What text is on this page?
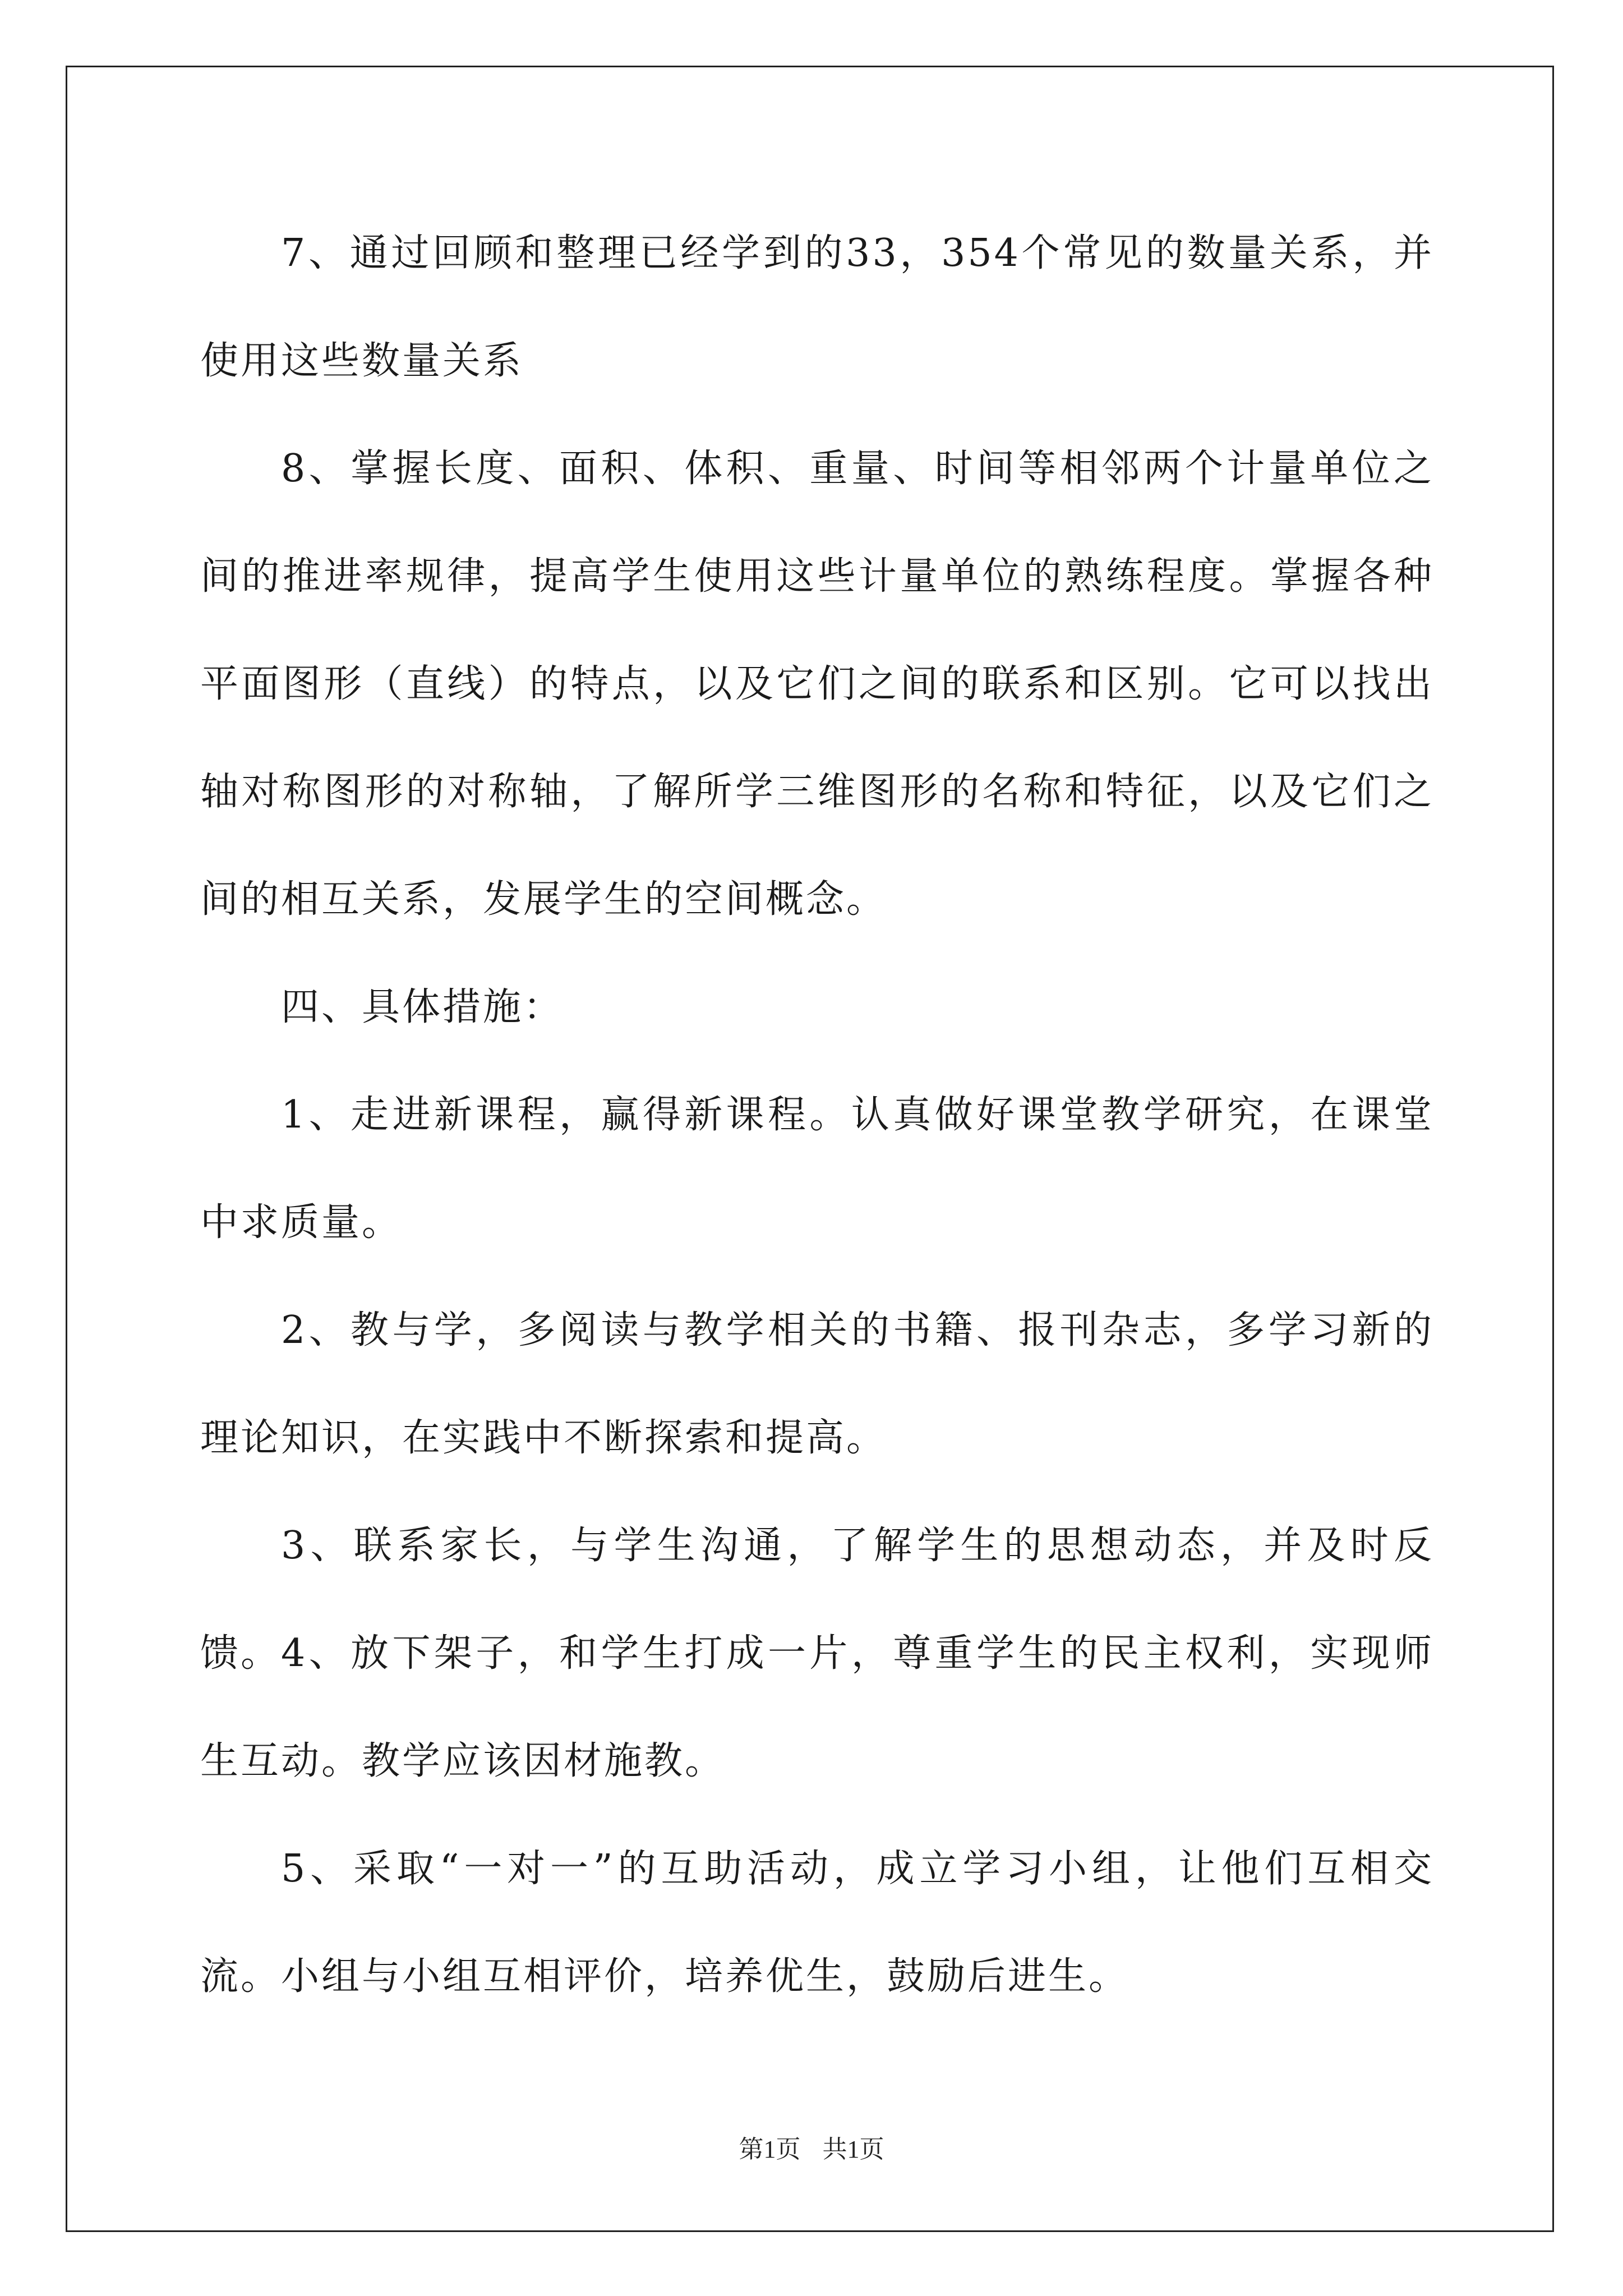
7、通过回顾和整理已经学到的33，354个常见的数量关系，并使用这些数量关系

8、掌握长度、面积、体积、重量、时间等相邻两个计量单位之间的推进率规律，提高学生使用这些计量单位的熟练程度。掌握各种平面图形（直线）的特点，以及它们之间的联系和区别。它可以找出轴对称图形的对称轴，了解所学三维图形的名称和特征，以及它们之间的相互关系，发展学生的空间概念。

四、具体措施：

1、走进新课程，赢得新课程。认真做好课堂教学研究，在课堂中求质量。

2、教与学，多阅读与教学相关的书籍、报刊杂志，多学习新的理论知识，在实践中不断探索和提高。

3、联系家长，与学生沟通，了解学生的思想动态，并及时反馈。 4、放下架子，和学生打成一片，尊重学生的民主权利，实现师生互动。教学应该因材施教。

5、采取“一对一”的互助活动，成立学习小组，让他们互相交流。小组与小组互相评价，培养优生，鼓励后进生。

第1页 共1页
